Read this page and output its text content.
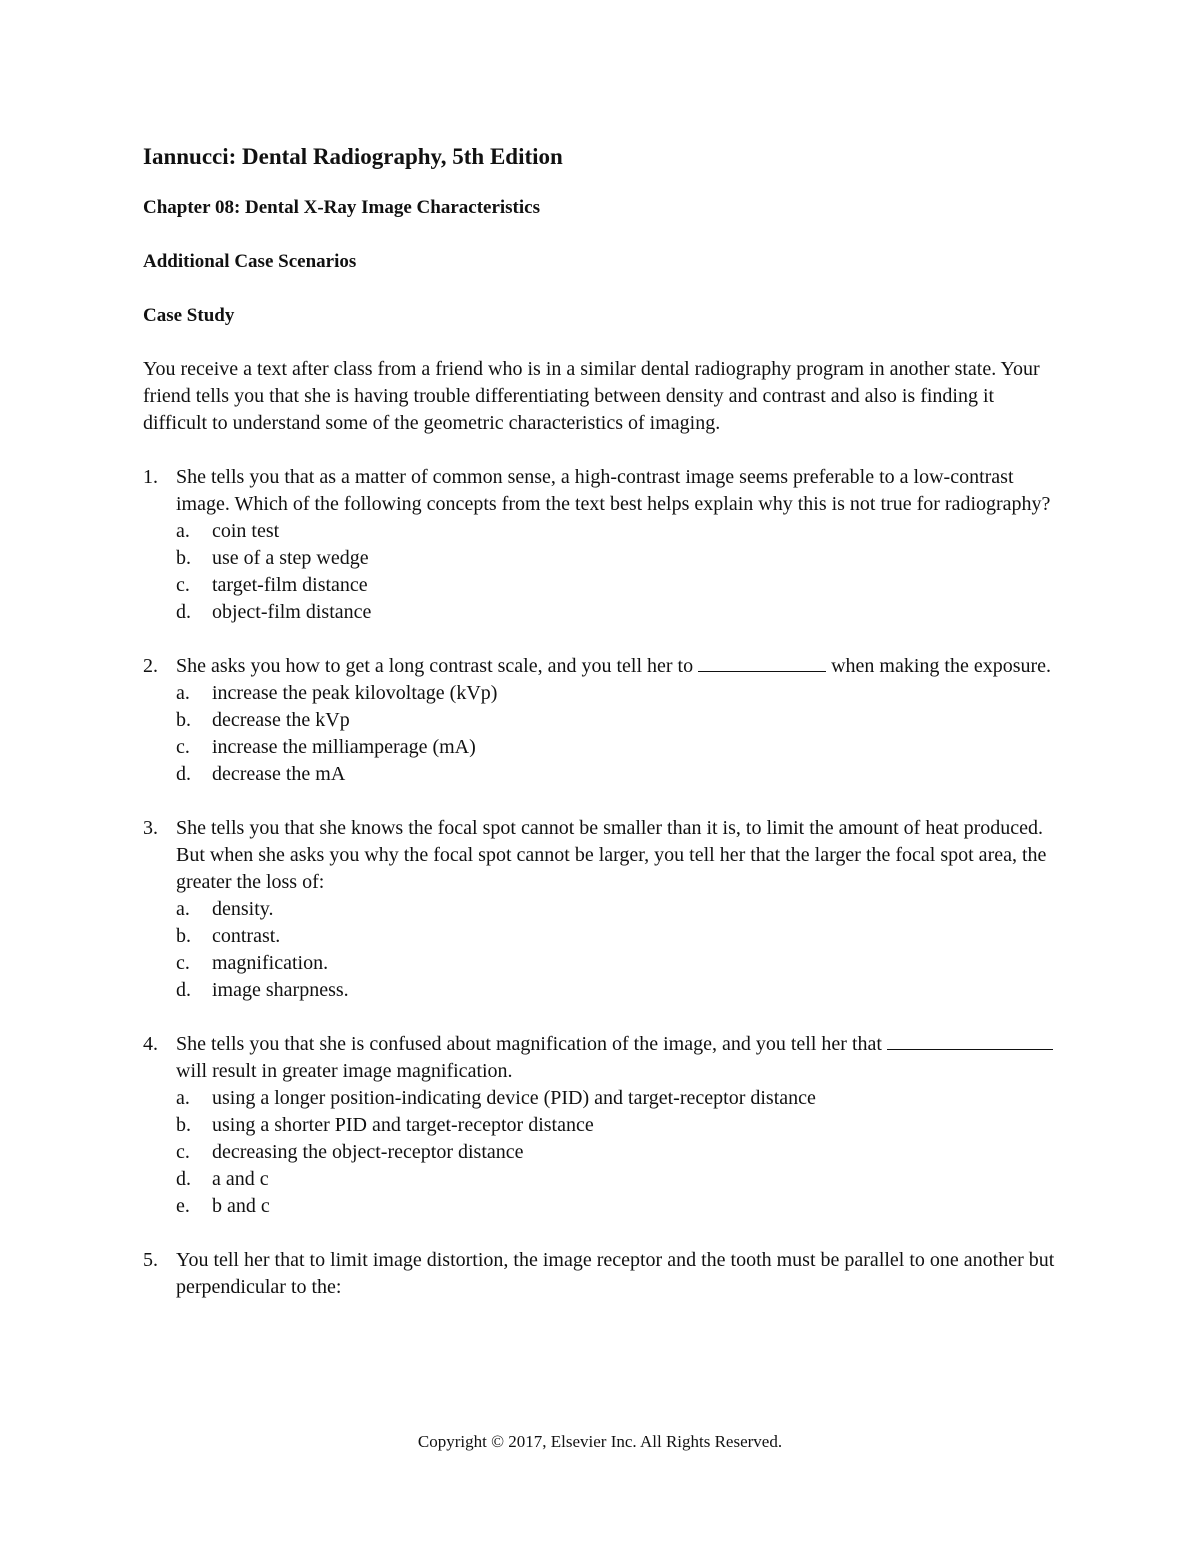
Iannucci: Dental Radiography, 5th Edition
Chapter 08: Dental X-Ray Image Characteristics
Additional Case Scenarios
Case Study
You receive a text after class from a friend who is in a similar dental radiography program in another state. Your friend tells you that she is having trouble differentiating between density and contrast and also is finding it difficult to understand some of the geometric characteristics of imaging.
1. She tells you that as a matter of common sense, a high-contrast image seems preferable to a low-contrast image. Which of the following concepts from the text best helps explain why this is not true for radiography?
a. coin test
b. use of a step wedge
c. target-film distance
d. object-film distance
2. She asks you how to get a long contrast scale, and you tell her to	when making the exposure.
a. increase the peak kilovoltage (kVp)
b. decrease the kVp
c. increase the milliamperage (mA)
d. decrease the mA
3. She tells you that she knows the focal spot cannot be smaller than it is, to limit the amount of heat produced. But when she asks you why the focal spot cannot be larger, you tell her that the larger the focal spot area, the greater the loss of:
a. density.
b. contrast.
c. magnification.
d. image sharpness.
4. She tells you that she is confused about magnification of the image, and you tell her that  will result in greater image magnification.
a. using a longer position-indicating device (PID) and target-receptor distance
b. using a shorter PID and target-receptor distance
c. decreasing the object-receptor distance
d. a and c
e. b and c
5. You tell her that to limit image distortion, the image receptor and the tooth must be parallel to one another but perpendicular to the:
Copyright © 2017, Elsevier Inc. All Rights Reserved.
